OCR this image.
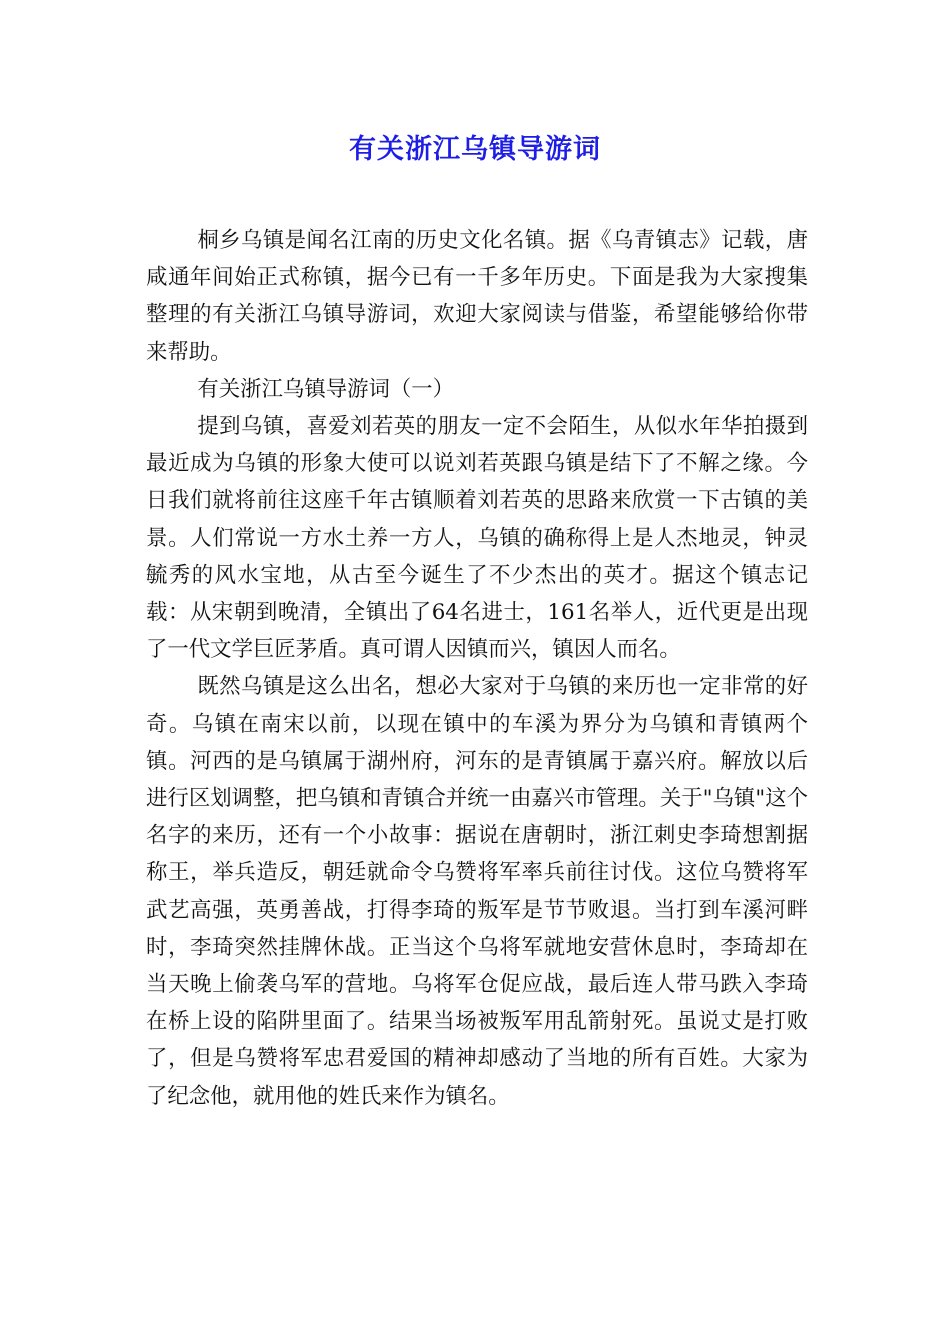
有关浙江乌镇导游词

桐乡乌镇是闻名江南的历史文化名镇。据《乌青镇志》记载，唐咸通年间始正式称镇，据今已有一千多年历史。下面是我为大家搜集整理的有关浙江乌镇导游词，欢迎大家阅读与借鉴，希望能够给你带来帮助。

有关浙江乌镇导游词（一）

提到乌镇，喜爱刘若英的朋友一定不会陌生，从似水年华拍摄到最近成为乌镇的形象大使可以说刘若英跟乌镇是结下了不解之缘。今日我们就将前往这座千年古镇顺着刘若英的思路来欣赏一下古镇的美景。人们常说一方水土养一方人，乌镇的确称得上是人杰地灵，钟灵毓秀的风水宝地，从古至今诞生了不少杰出的英才。据这个镇志记载：从宋朝到晚清，全镇出了64名进士，161名举人，近代更是出现了一代文学巨匠茅盾。真可谓人因镇而兴，镇因人而名。

既然乌镇是这么出名，想必大家对于乌镇的来历也一定非常的好奇。乌镇在南宋以前，以现在镇中的车溪为界分为乌镇和青镇两个镇。河西的是乌镇属于湖州府，河东的是青镇属于嘉兴府。解放以后进行区划调整，把乌镇和青镇合并统一由嘉兴市管理。关于"乌镇"这个名字的来历，还有一个小故事：据说在唐朝时，浙江刺史李琦想割据称王，举兵造反，朝廷就命令乌赞将军率兵前往讨伐。这位乌赞将军武艺高强，英勇善战，打得李琦的叛军是节节败退。当打到车溪河畔时，李琦突然挂牌休战。正当这个乌将军就地安营休息时，李琦却在当天晚上偷袭乌军的营地。乌将军仓促应战，最后连人带马跌入李琦在桥上设的陷阱里面了。结果当场被叛军用乱箭射死。虽说丈是打败了，但是乌赞将军忠君爱国的精神却感动了当地的所有百姓。大家为了纪念他，就用他的姓氏来作为镇名。
